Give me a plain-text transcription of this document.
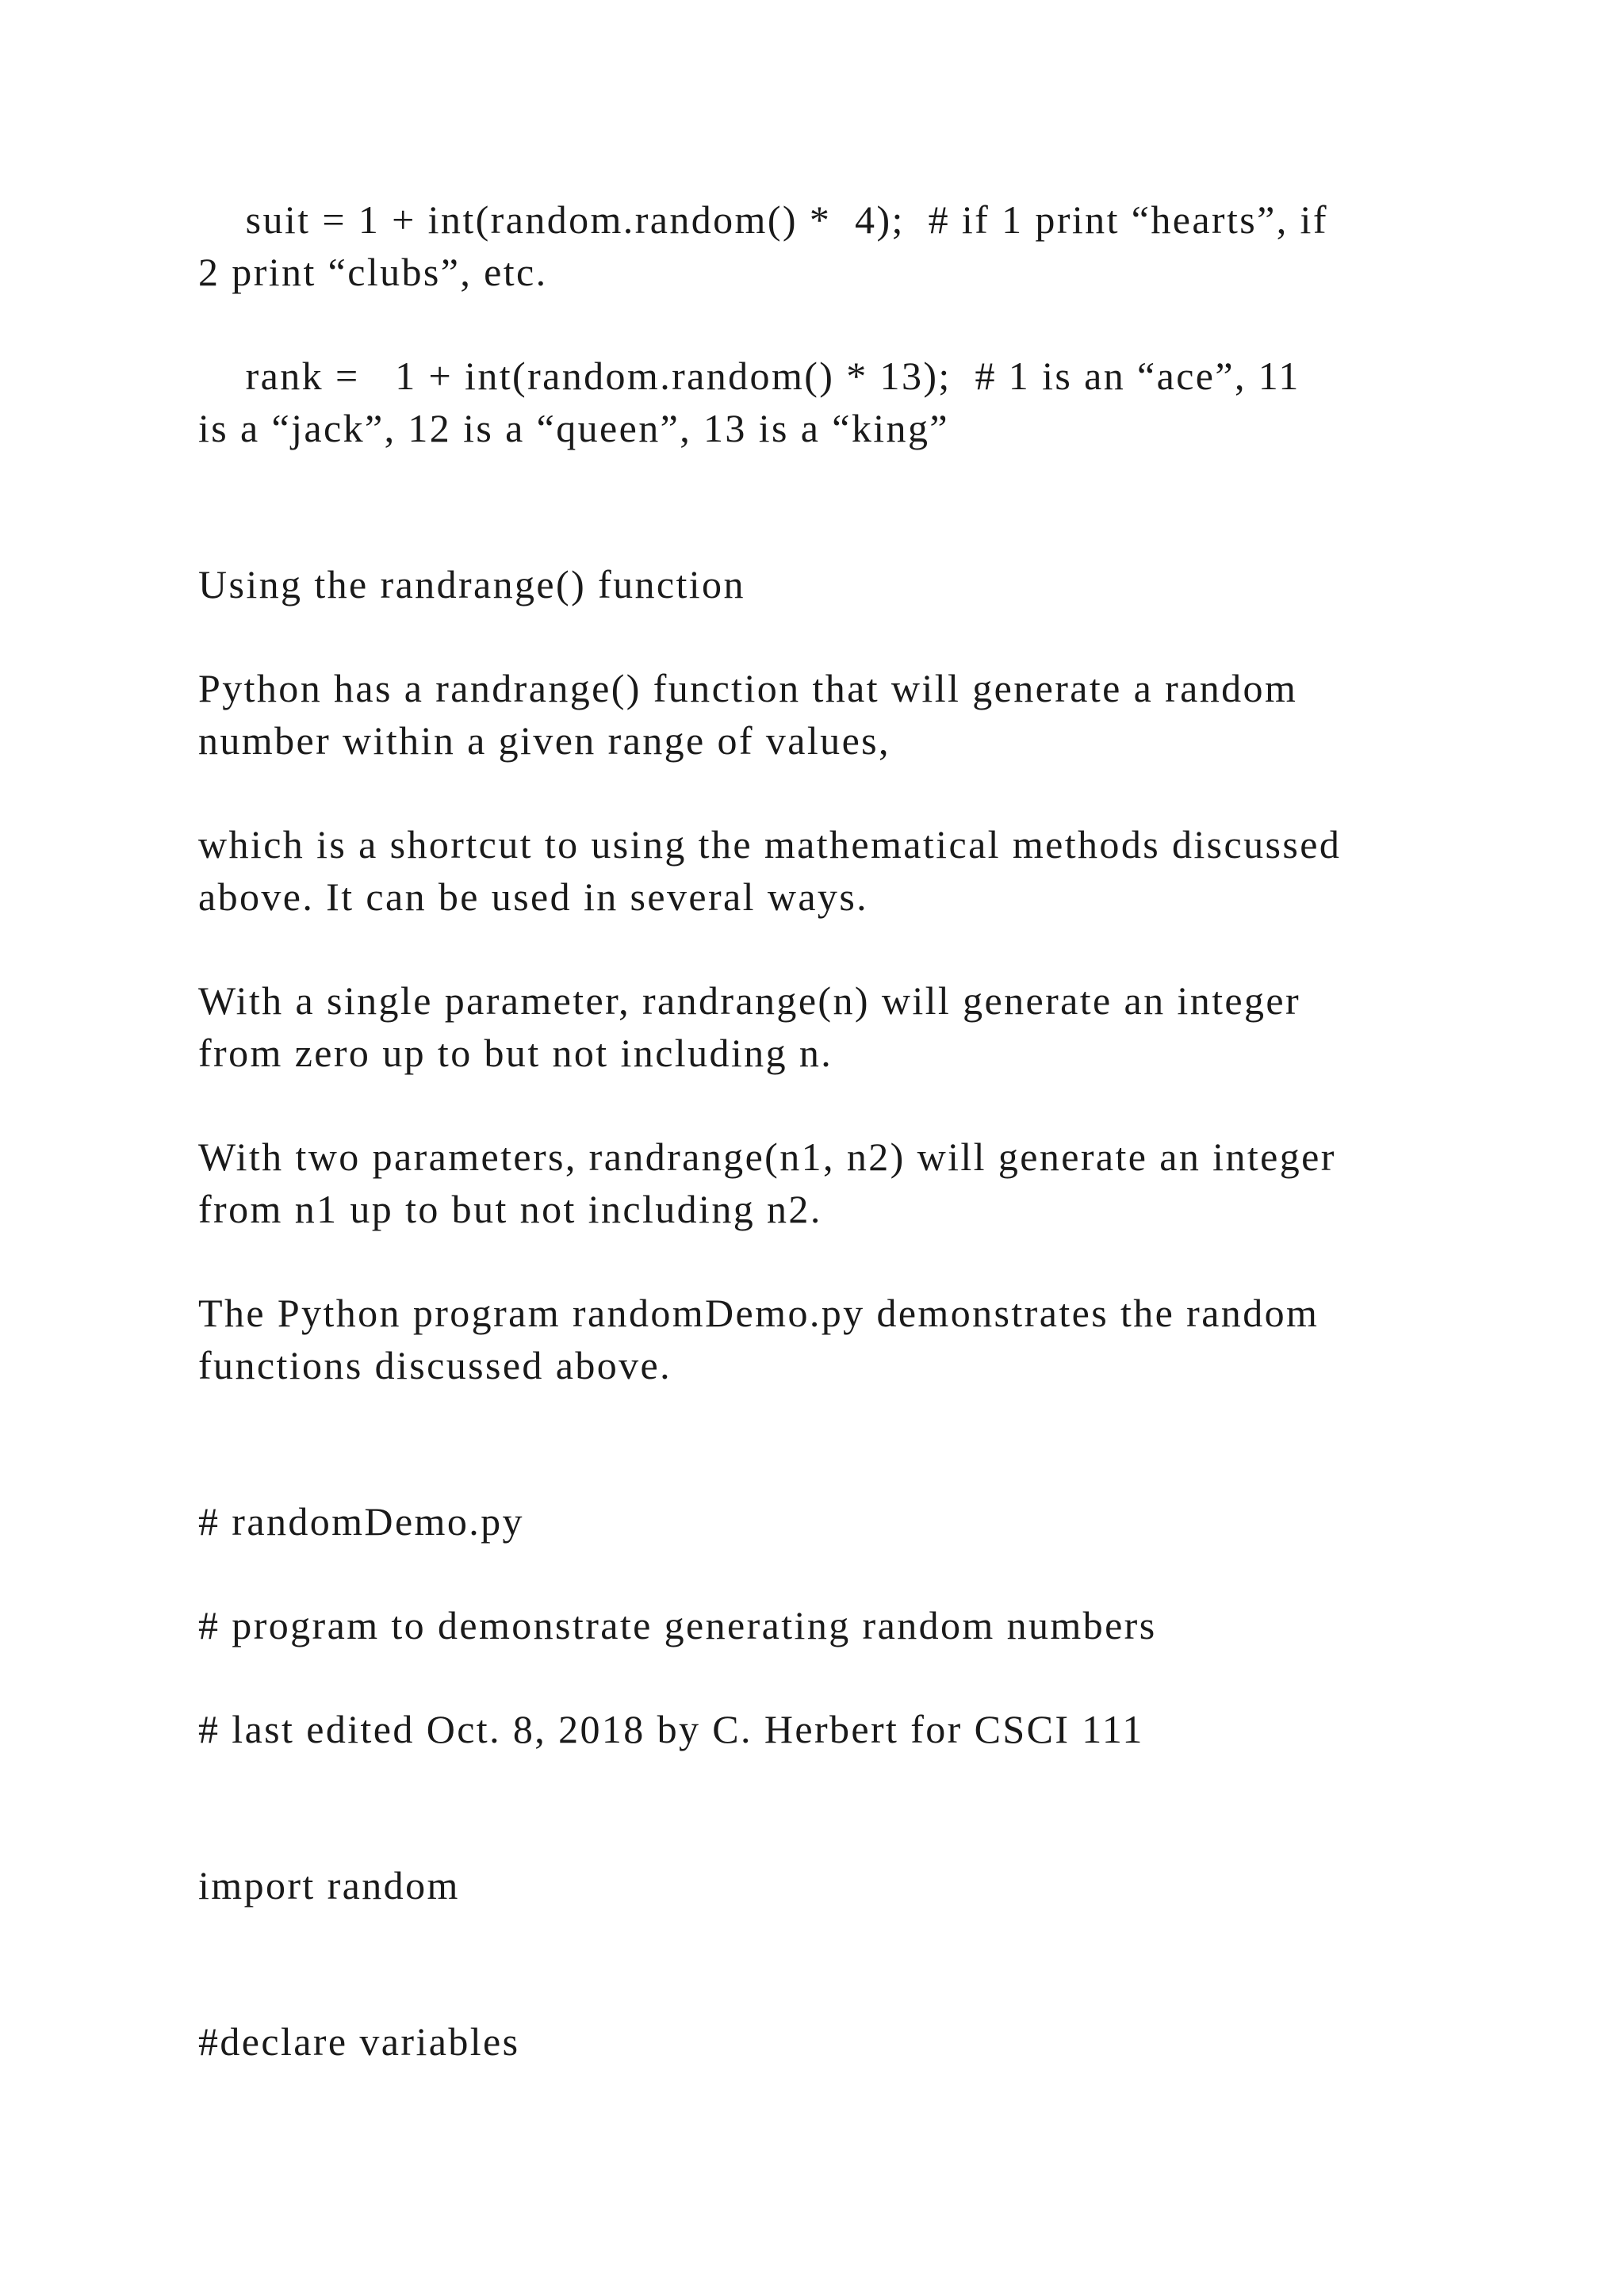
suit = 1 + int(random.random() *  4);  # if 1 print “hearts”, if
2 print “clubs”, etc.
rank =   1 + int(random.random() * 13);  # 1 is an “ace”, 11
is a “jack”, 12 is a “queen”, 13 is a “king”
Using the randrange() function
Python has a randrange() function that will generate a random
number within a given range of values,
which is a shortcut to using the mathematical methods discussed
above. It can be used in several ways.
With a single parameter, randrange(n) will generate an integer
from zero up to but not including n.
With two parameters, randrange(n1, n2) will generate an integer
from n1 up to but not including n2.
The Python program randomDemo.py demonstrates the random
functions discussed above.
# randomDemo.py
# program to demonstrate generating random numbers
# last edited Oct. 8, 2018 by C. Herbert for CSCI 111
import random
#declare variables
